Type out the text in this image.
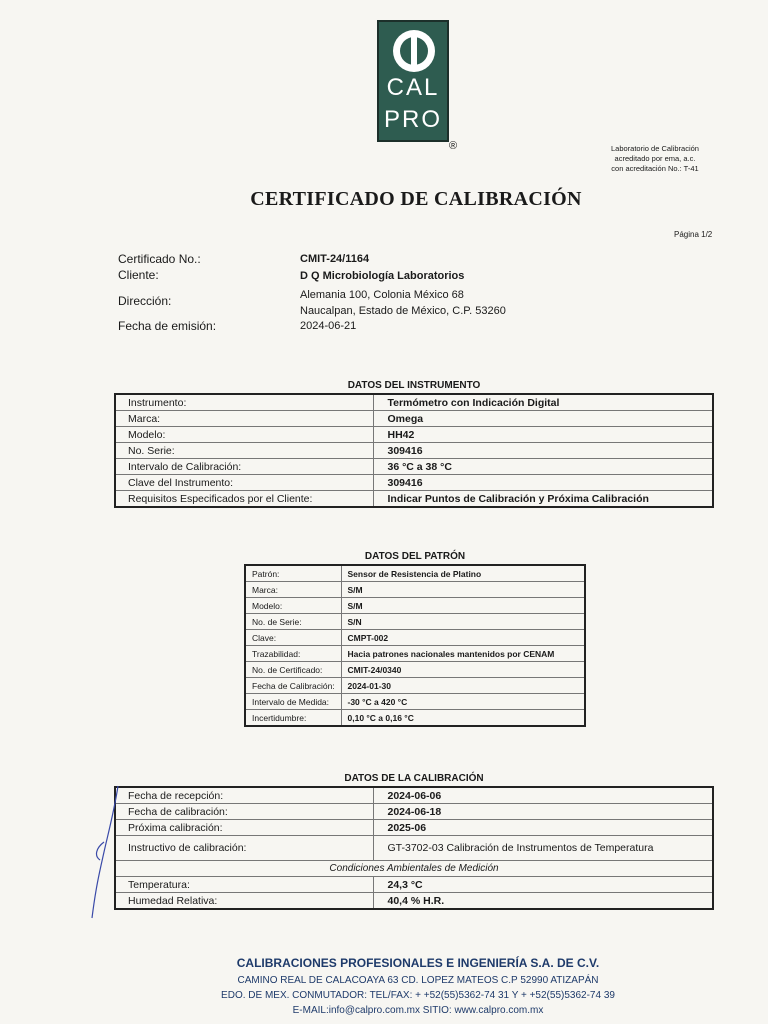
CAL
PRO
®	Laboratorio de Calibración
acreditado por ema, a.c.
con acreditación No.: T-41
CERTIFICADO DE CALIBRACIÓN
Página 1/2
Certificado No.:	CMIT-24/1164
Cliente:	D Q Microbiología Laboratorios
Dirección:	Alemania 100, Colonia México 68
Naucalpan, Estado de México, C.P. 53260
Fecha de emisión:	2024-06-21
DATOS DEL INSTRUMENTO
Instrumento:	Termómetro con Indicación Digital
Marca:	Omega
Modelo:	HH42
No. Serie:	309416
Intervalo de Calibración:	36 °C a 38 °C
Clave del Instrumento:	309416
Requisitos Especificados por el Cliente:	Indicar Puntos de Calibración y Próxima Calibración
DATOS DEL PATRÓN
Patrón:	Sensor de Resistencia de Platino
Marca:	S/M
Modelo:	S/M
No. de Serie:	S/N
Clave:	CMPT-002
Trazabilidad:	Hacia patrones nacionales mantenidos por CENAM
No. de Certificado:	CMIT-24/0340
Fecha de Calibración:	2024-01-30
Intervalo de Medida:	-30 °C a 420 °C
Incertidumbre:	0,10 °C a 0,16 °C
DATOS DE LA CALIBRACIÓN
Fecha de recepción:	2024-06-06
Fecha de calibración:	2024-06-18
Próxima calibración:	2025-06
Instructivo de calibración:	GT-3702-03 Calibración de Instrumentos de Temperatura
Condiciones Ambientales de Medición	
Temperatura:	24,3 °C
Humedad Relativa:	40,4 % H.R.
CALIBRACIONES PROFESIONALES E INGENIERÍA S.A. DE C.V.
CAMINO REAL DE CALACOAYA 63 CD. LOPEZ MATEOS C.P 52990 ATIZAPÁN
EDO. DE MEX. CONMUTADOR: TEL/FAX: + +52(55)5362-74 31 Y + +52(55)5362-74 39
E-MAIL:info@calpro.com.mx SITIO: www.calpro.com.mx
